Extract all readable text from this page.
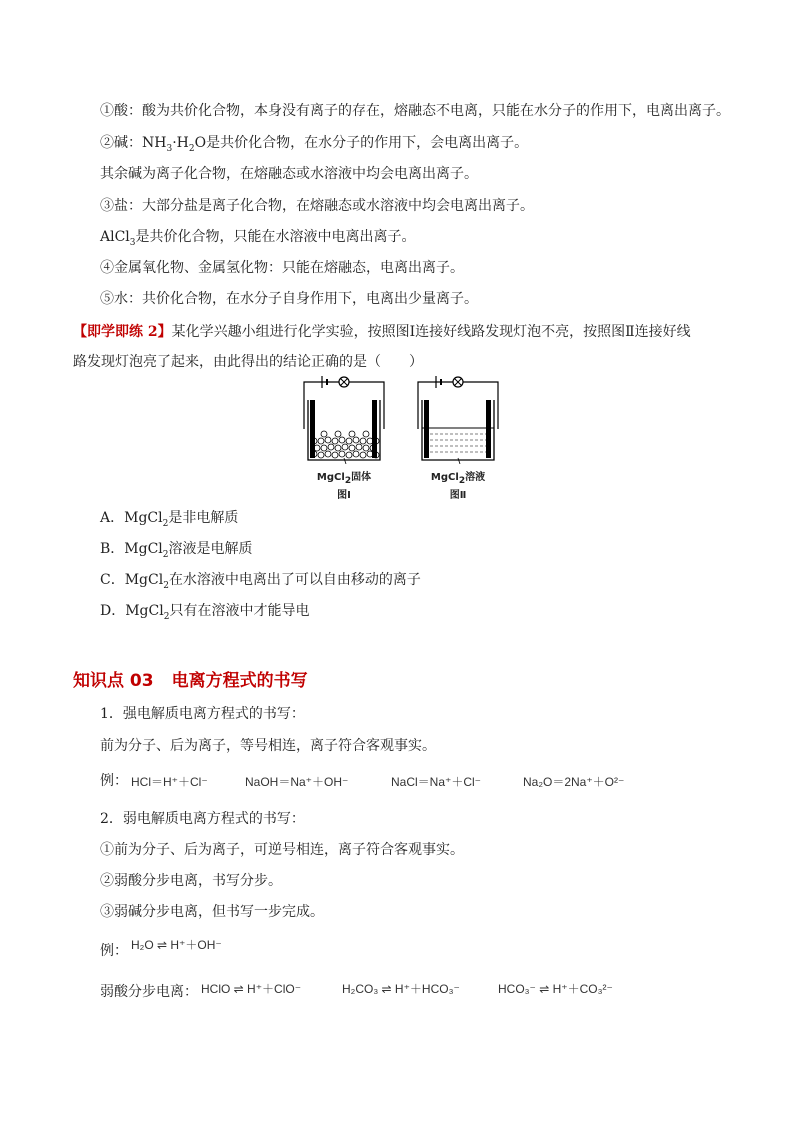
①酸：酸为共价化合物，本身没有离子的存在，熔融态不电离，只能在水分子的作用下，电离出离子。
②碱：$NH_3\cdot H_2O$是共价化合物，在水分子的作用下，会电离出离子。
其余碱为离子化合物，在熔融态或水溶液中均会电离出离子。
③盐：大部分盐是离子化合物，在熔融态或水溶液中均会电离出离子。
AlCl$_3$是共价化合物，只能在水溶液中电离出离子。
④金属氧化物、金属氢化物：只能在熔融态，电离出离子。
⑤水：共价化合物，在水分子自身作用下，电离出少量离子。
【即学即练 2】某化学兴趣小组进行化学实验，按照图Ⅰ连接好线路发现灯泡不亮，按照图Ⅱ连接好线
路发现灯泡亮了起来，由此得出的结论正确的是（　　）
MgCl$_2$固体
图Ⅰ
MgCl$_2$溶液
图Ⅱ
A．MgCl$_2$是非电解质
B．MgCl$_2$溶液是电解质
C．MgCl$_2$在水溶液中电离出了可以自由移动的离子
D．MgCl$_2$只有在溶液中才能导电
知识点 03 电离方程式的书写
1．强电解质电离方程式的书写：
前为分子、后为离子，等号相连，离子符合客观事实。
例： HCl＝H⁺＋Cl⁻	NaOH＝Na⁺＋OH⁻	NaCl＝Na⁺＋Cl⁻	Na₂O＝2Na⁺＋O²⁻
2．弱电解质电离方程式的书写：
①前为分子、后为离子，可逆号相连，离子符合客观事实。
②弱酸分步电离，书写分步。
③弱碱分步电离，但书写一步完成。
例： H₂O ⇌ H⁺＋OH⁻
弱酸分步电离： HClO ⇌ H⁺＋ClO⁻	H₂CO₃ ⇌ H⁺＋HCO₃⁻	HCO₃⁻ ⇌ H⁺＋CO₃²⁻
